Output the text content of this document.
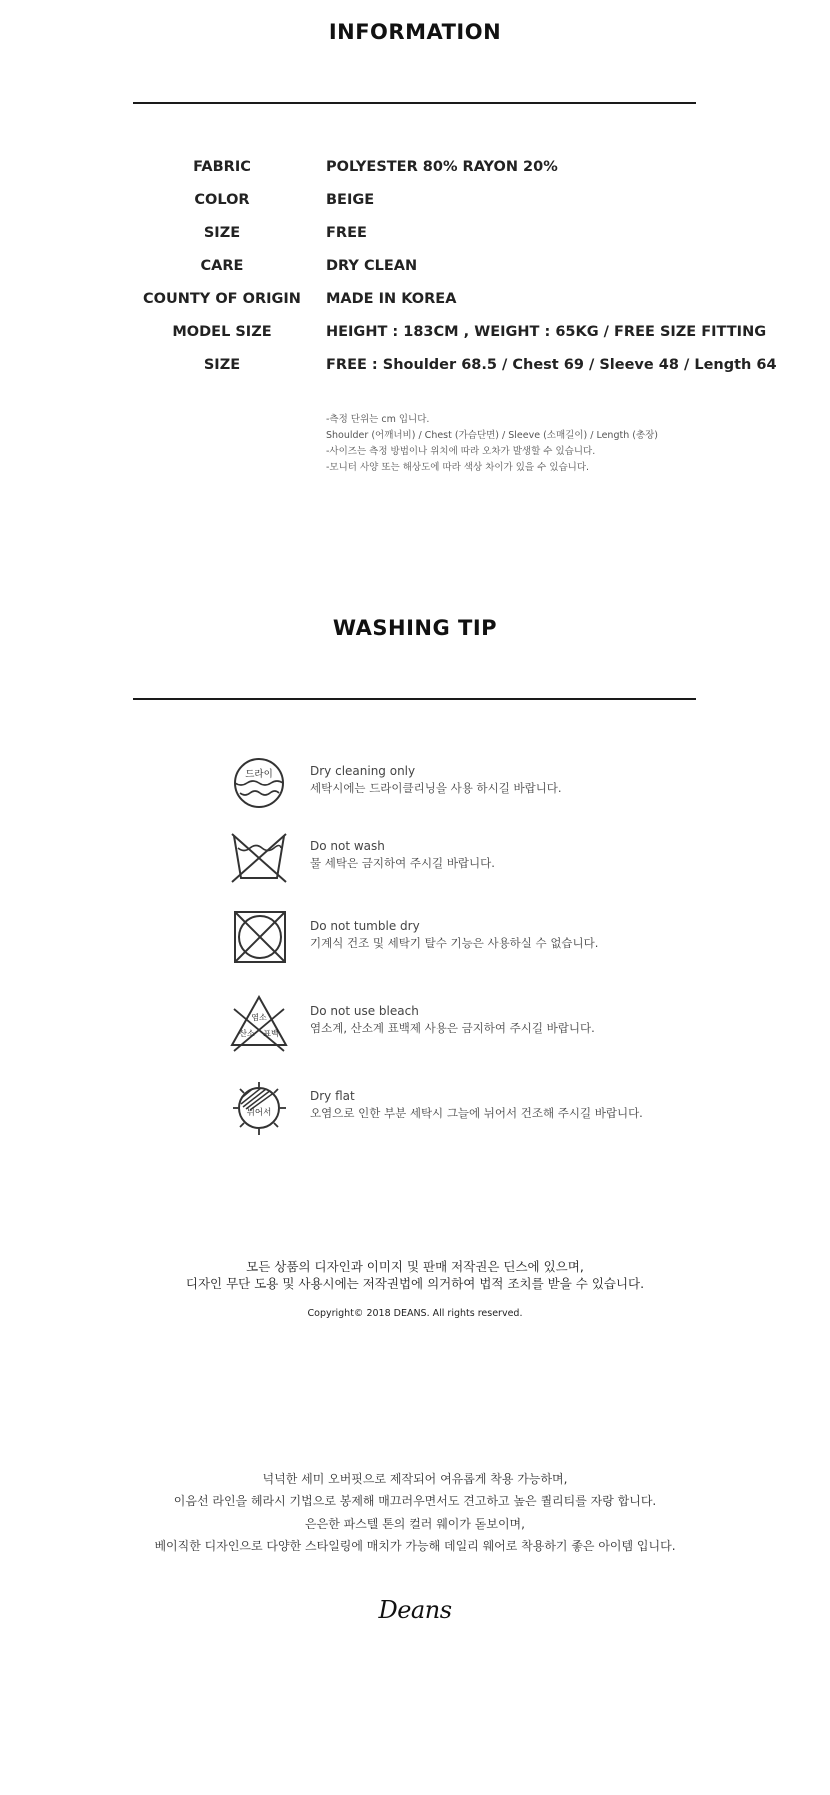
INFORMATION
FABRIC	POLYESTER 80% RAYON 20%
COLOR	BEIGE
SIZE	FREE
CARE	DRY CLEAN
COUNTY OF ORIGIN	MADE IN KOREA
MODEL SIZE	HEIGHT : 183CM , WEIGHT : 65KG / FREE SIZE FITTING
SIZE	FREE : Shoulder 68.5 / Chest 69 / Sleeve 48 / Length 64
-측정 단위는 cm 입니다.
Shoulder (어깨너비) / Chest (가슴단면) / Sleeve (소매길이) / Length (총장)
-사이즈는 측정 방법이나 위치에 따라 오차가 발생할 수 있습니다.
-모니터 사양 또는 해상도에 따라 색상 차이가 있을 수 있습니다.
WASHING TIP
드라이	Dry cleaning only
세탁시에는 드라이클리닝을 사용 하시길 바랍니다.
Do not wash
물 세탁은 금지하여 주시길 바랍니다.
Do not tumble dry
기계식 건조 및 세탁기 탈수 기능은 사용하실 수 없습니다.
염소
산소 표백
Do not use bleach
염소계, 산소계 표백제 사용은 금지하여 주시길 바랍니다.
뉘어서
Dry flat
오염으로 인한 부분 세탁시 그늘에 뉘어서 건조해 주시길 바랍니다.
모든 상품의 디자인과 이미지 및 판매 저작권은 딘스에 있으며,
디자인 무단 도용 및 사용시에는 저작권법에 의거하여 법적 조치를 받을 수 있습니다.
Copyright© 2018 DEANS. All rights reserved.
넉넉한 세미 오버핏으로 제작되어 여유롭게 착용 가능하며,
이음선 라인을 헤라시 기법으로 봉제해 매끄러우면서도 견고하고 높은 퀄리티를 자랑 합니다.
은은한 파스텔 톤의 컬러 웨이가 돋보이며,
베이직한 디자인으로 다양한 스타일링에 매치가 가능해 데일리 웨어로 착용하기 좋은 아이템 입니다.
Deans
